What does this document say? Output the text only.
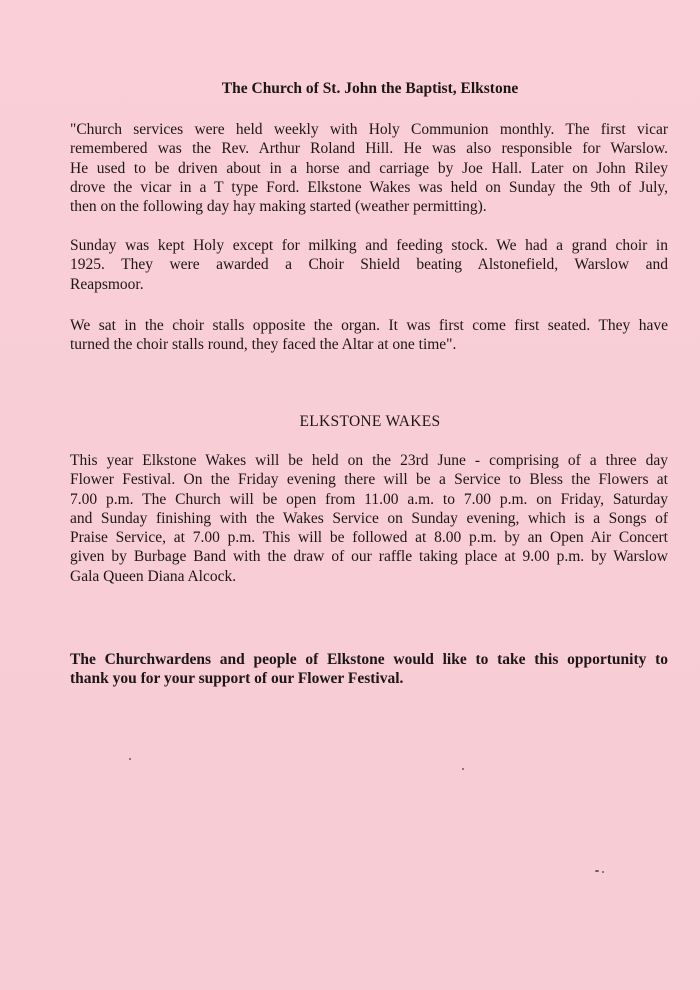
The Church of St. John the Baptist, Elkstone
"Church services were held weekly with Holy Communion monthly. The first vicar
remembered was the Rev. Arthur Roland Hill. He was also responsible for Warslow.
He used to be driven about in a horse and carriage by Joe Hall. Later on John Riley
drove the vicar in a T type Ford. Elkstone Wakes was held on Sunday the 9th of July,
then on the following day hay making started (weather permitting).
Sunday was kept Holy except for milking and feeding stock. We had a grand choir in
1925. They were awarded a Choir Shield beating Alstonefield, Warslow and
Reapsmoor.
We sat in the choir stalls opposite the organ. It was first come first seated. They have
turned the choir stalls round, they faced the Altar at one time".
ELKSTONE WAKES
This year Elkstone Wakes will be held on the 23rd June - comprising of a three day
Flower Festival. On the Friday evening there will be a Service to Bless the Flowers at
7.00 p.m. The Church will be open from 11.00 a.m. to 7.00 p.m. on Friday, Saturday
and Sunday finishing with the Wakes Service on Sunday evening, which is a Songs of
Praise Service, at 7.00 p.m. This will be followed at 8.00 p.m. by an Open Air Concert
given by Burbage Band with the draw of our raffle taking place at 9.00 p.m. by Warslow
Gala Queen Diana Alcock.
The Churchwardens and people of Elkstone would like to take this opportunity to
thank you for your support of our Flower Festival.
